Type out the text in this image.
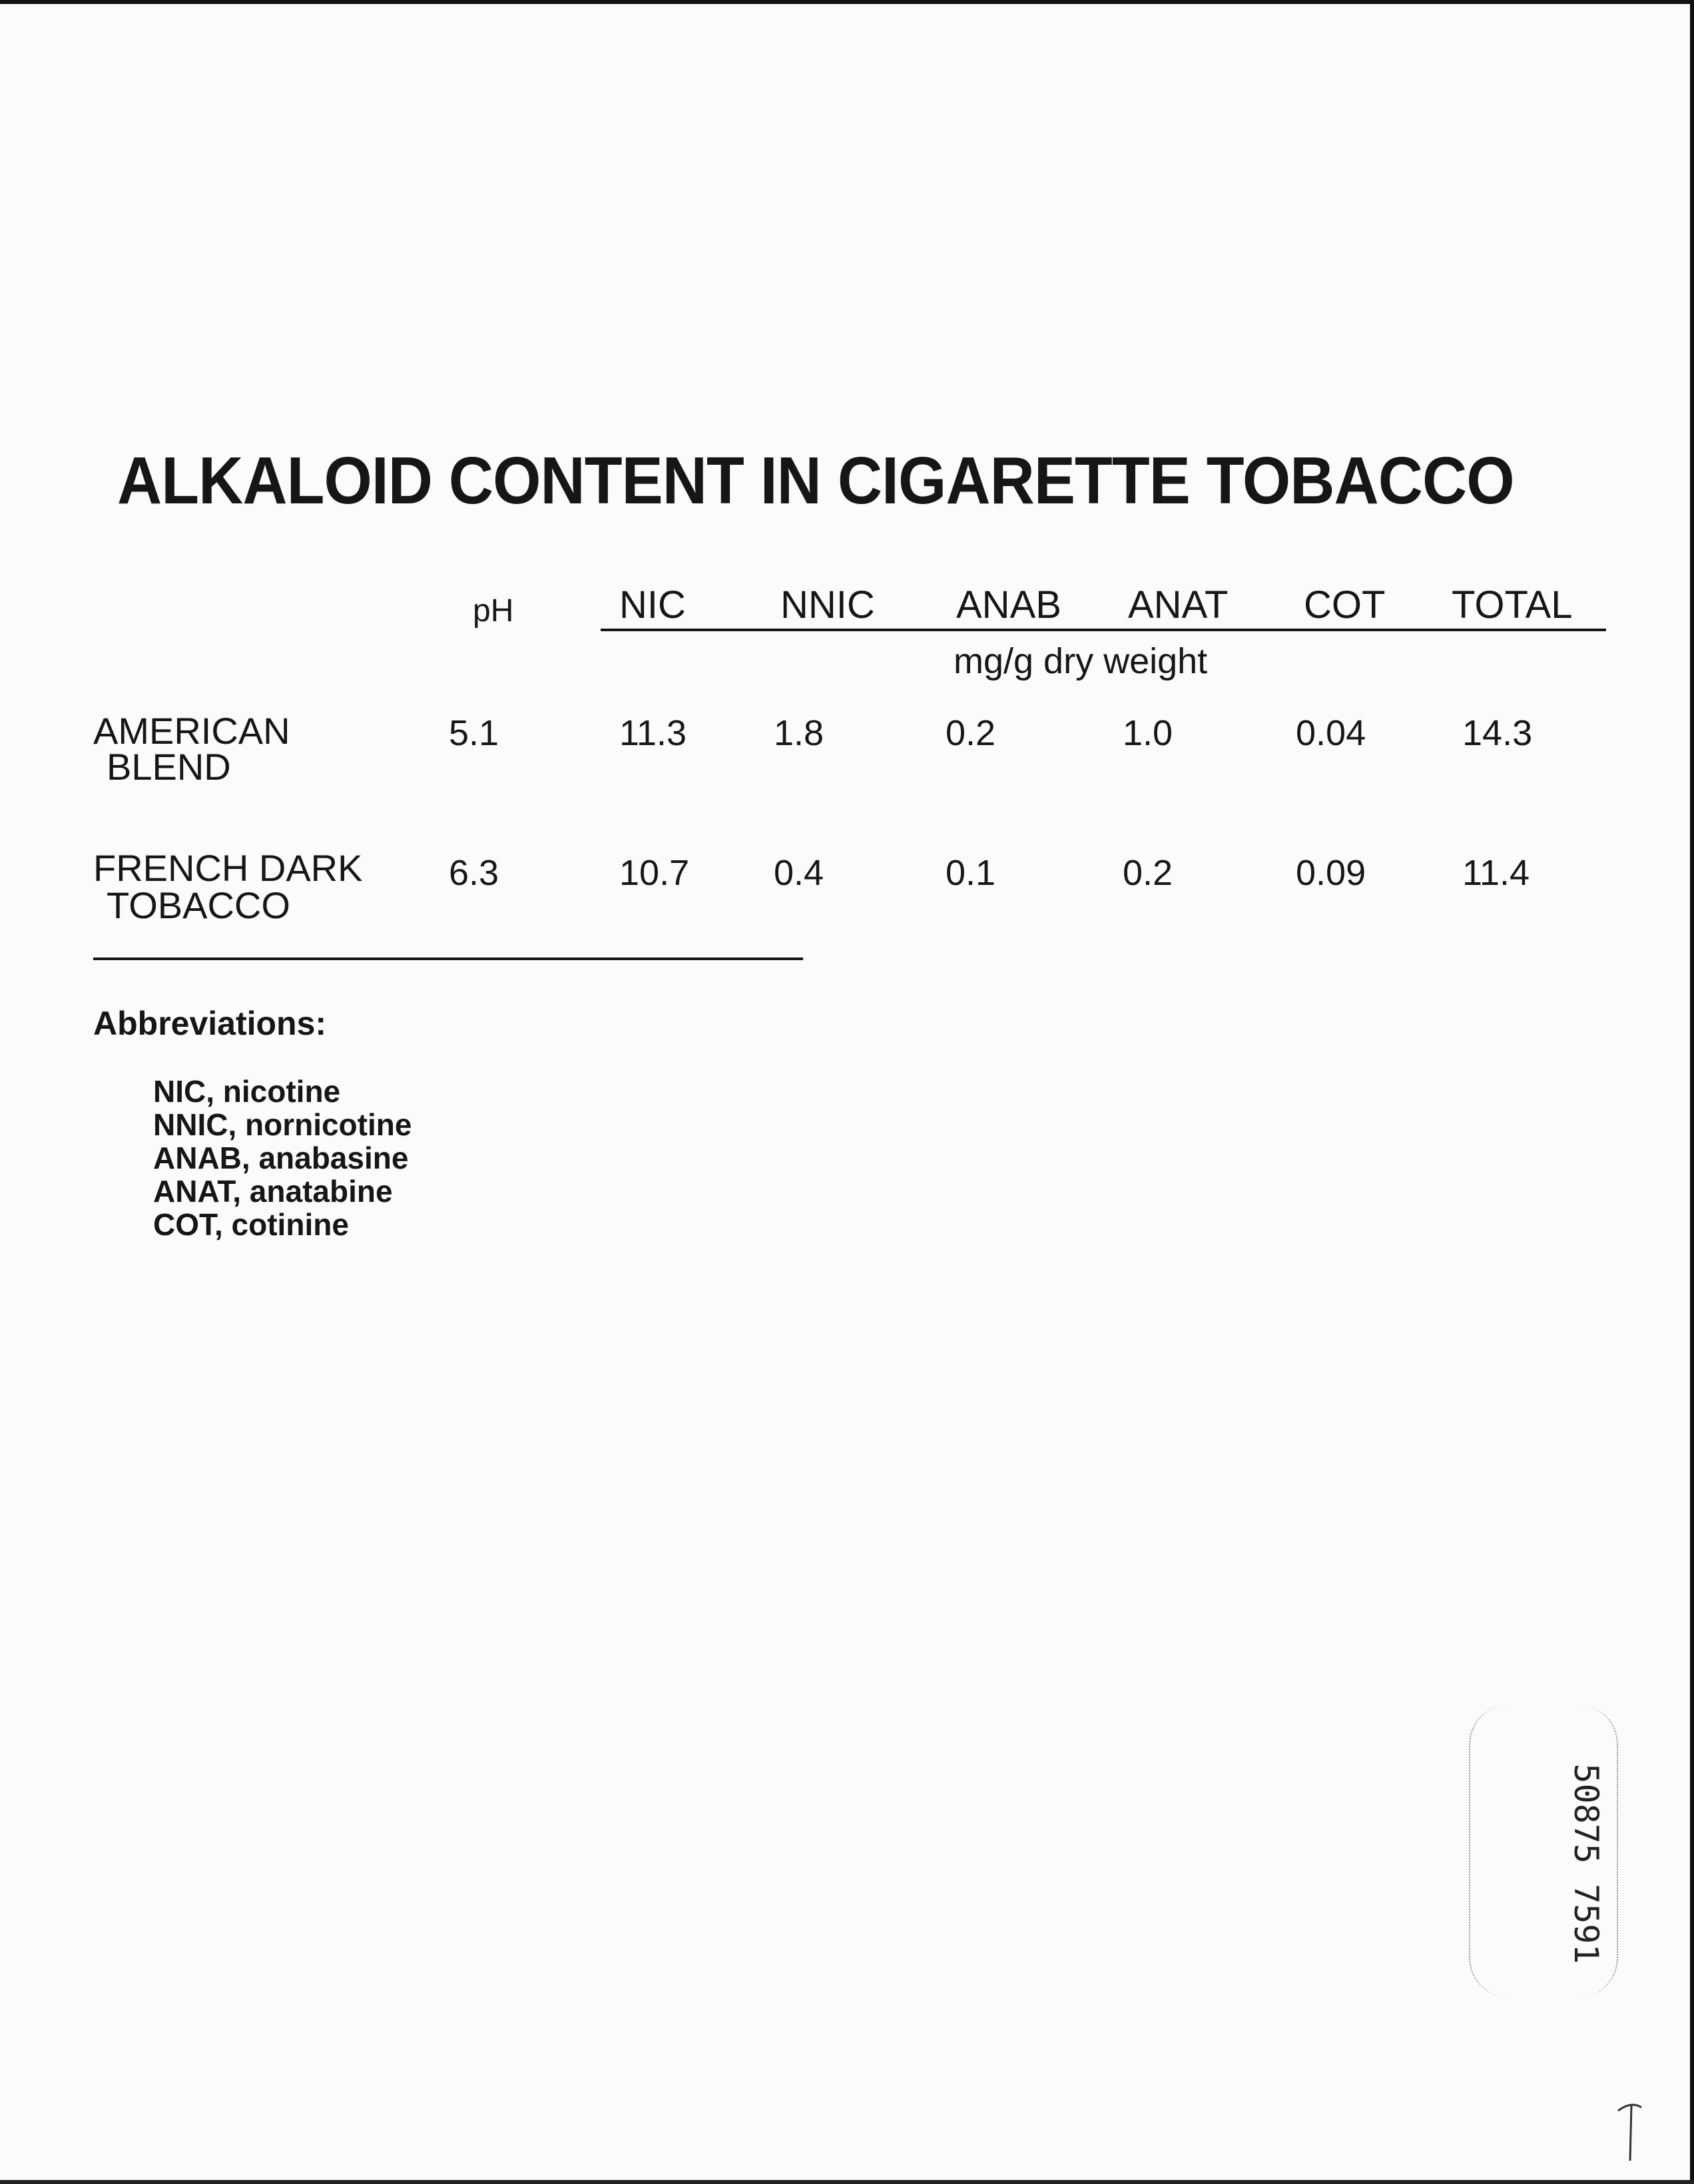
ALKALOID CONTENT IN CIGARETTE TOBACCO
pH	NIC NNIC ANAB ANAT COT TOTAL
mg/g dry weight
AMERICAN
BLEND
5.1	11.3 1.8	0.2	1.0	0.04	14.3
FRENCH DARK
TOBACCO
6.3	10.7 0.4	0.1	0.2	0.09	11.4
Abbreviations:
NIC, nicotine
NNIC, nornicotine
ANAB, anabasine
ANAT, anatabine
COT, cotinine
50875 7591
